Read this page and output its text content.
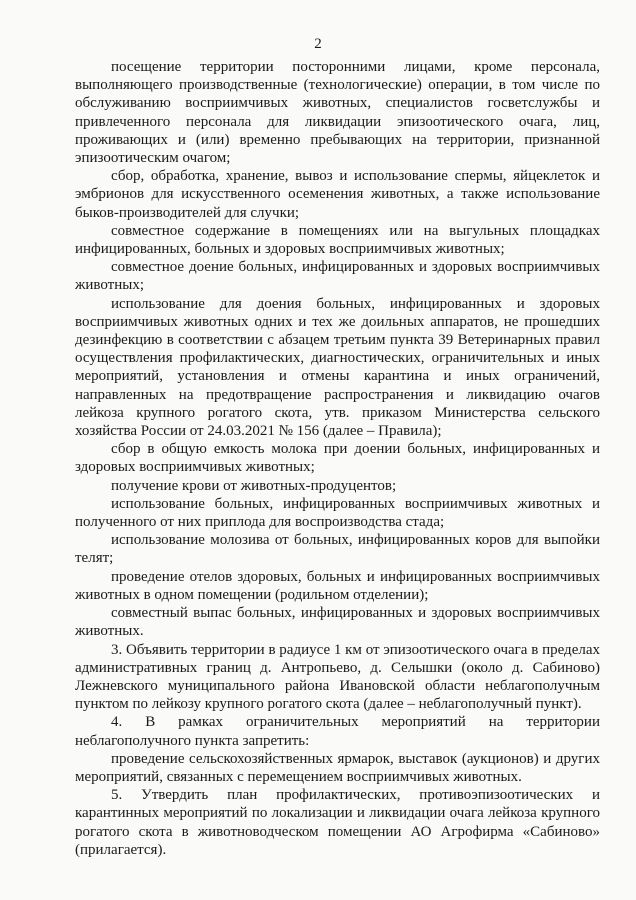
2

посещение территории посторонними лицами, кроме персонала, выполняющего производственные (технологические) операции, в том числе по обслуживанию восприимчивых животных, специалистов госветслужбы и привлеченного персонала для ликвидации эпизоотического очага, лиц, проживающих и (или) временно пребывающих на территории, признанной эпизоотическим очагом;

сбор, обработка, хранение, вывоз и использование спермы, яйцеклеток и эмбрионов для искусственного осеменения животных, а также использование быков-производителей для случки;

совместное содержание в помещениях или на выгульных площадках инфицированных, больных и здоровых восприимчивых животных;

совместное доение больных, инфицированных и здоровых восприимчивых животных;

использование для доения больных, инфицированных и здоровых восприимчивых животных одних и тех же доильных аппаратов, не прошедших дезинфекцию в соответствии с абзацем третьим пункта 39 Ветеринарных правил осуществления профилактических, диагностических, ограничительных и иных мероприятий, установления и отмены карантина и иных ограничений, направленных на предотвращение распространения и ликвидацию очагов лейкоза крупного рогатого скота, утв. приказом Министерства сельского хозяйства России от 24.03.2021 № 156 (далее – Правила);

сбор в общую емкость молока при доении больных, инфицированных и здоровых восприимчивых животных;

получение крови от животных-продуцентов;

использование больных, инфицированных восприимчивых животных и полученного от них приплода для воспроизводства стада;

использование молозива от больных, инфицированных коров для выпойки телят;

проведение отелов здоровых, больных и инфицированных восприимчивых животных в одном помещении (родильном отделении);

совместный выпас больных, инфицированных и здоровых восприимчивых животных.

3. Объявить территории в радиусе 1 км от эпизоотического очага в пределах административных границ д. Антропьево, д. Селышки (около д. Сабиново) Лежневского муниципального района Ивановской области неблагополучным пунктом по лейкозу крупного рогатого скота (далее – неблагополучный пункт).

4. В рамках ограничительных мероприятий на территории неблагополучного пункта запретить:

проведение сельскохозяйственных ярмарок, выставок (аукционов) и других мероприятий, связанных с перемещением восприимчивых животных.

5. Утвердить план профилактических, противоэпизоотических и карантинных мероприятий по локализации и ликвидации очага лейкоза крупного рогатого скота в животноводческом помещении АО Агрофирма «Сабиново» (прилагается).
